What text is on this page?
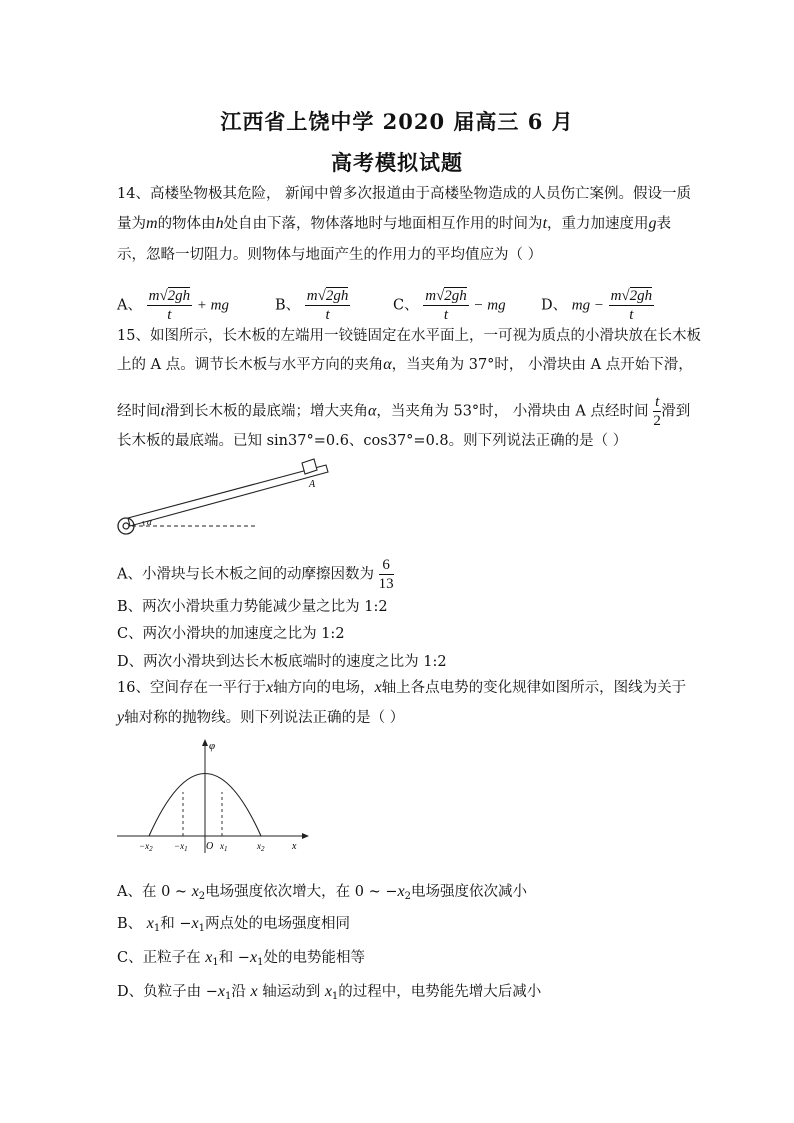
江西省上饶中学 2020 届高三 6 月
高考模拟试题
14、高楼坠物极其危险， 新闻中曾多次报道由于高楼坠物造成的人员伤亡案例。假设一质
量为m的物体由h处自由下落，物体落地时与地面相互作用的时间为t，重力加速度用g表
示，忽略一切阻力。则物体与地面产生的作用力的平均值应为（ ）
A、 $\frac{m√2gh}{t}$ + mg	B、 $\frac{m√2gh}{t}$	C、 $\frac{m√2gh}{t}$ − mg D、 mg − $\frac{m√2gh}{t}$
15、如图所示，长木板的左端用一铰链固定在水平面上，一可视为质点的小滑块放在长木板
上的 A 点。调节长木板与水平方向的夹角α，当夹角为 37°时， 小滑块由 A 点开始下滑，
经时间t滑到长木板的最底端；增大夹角α，当夹角为 53°时， 小滑块由 A 点经时间 $\frac{t}{2}$ 滑到
长木板的最底端。已知 sin37°=0.6、cos37°=0.8。则下列说法正确的是（ ）
A
α
A、小滑块与长木板之间的动摩擦因数为 $\frac{6}{13}$
B、两次小滑块重力势能减少量之比为 1:2
C、两次小滑块的加速度之比为 1:2
D、两次小滑块到达长木板底端时的速度之比为 1:2
16、空间存在一平行于x轴方向的电场，x轴上各点电势的变化规律如图所示，图线为关于
y轴对称的抛物线。则下列说法正确的是（ ）
φ
$-x_2 -x_1$ O $x_1$	$x_2$	x
A、在 0 ~ $x_2$电场强度依次增大，在 0 ~ $-x_2$电场强度依次减小
B、 $x_1$和 $-x_1$两点处的电场强度相同
C、正粒子在 $x_1$和 $-x_1$处的电势能相等
D、负粒子由 $-x_1$沿 x 轴运动到 $x_1$的过程中，电势能先增大后减小
